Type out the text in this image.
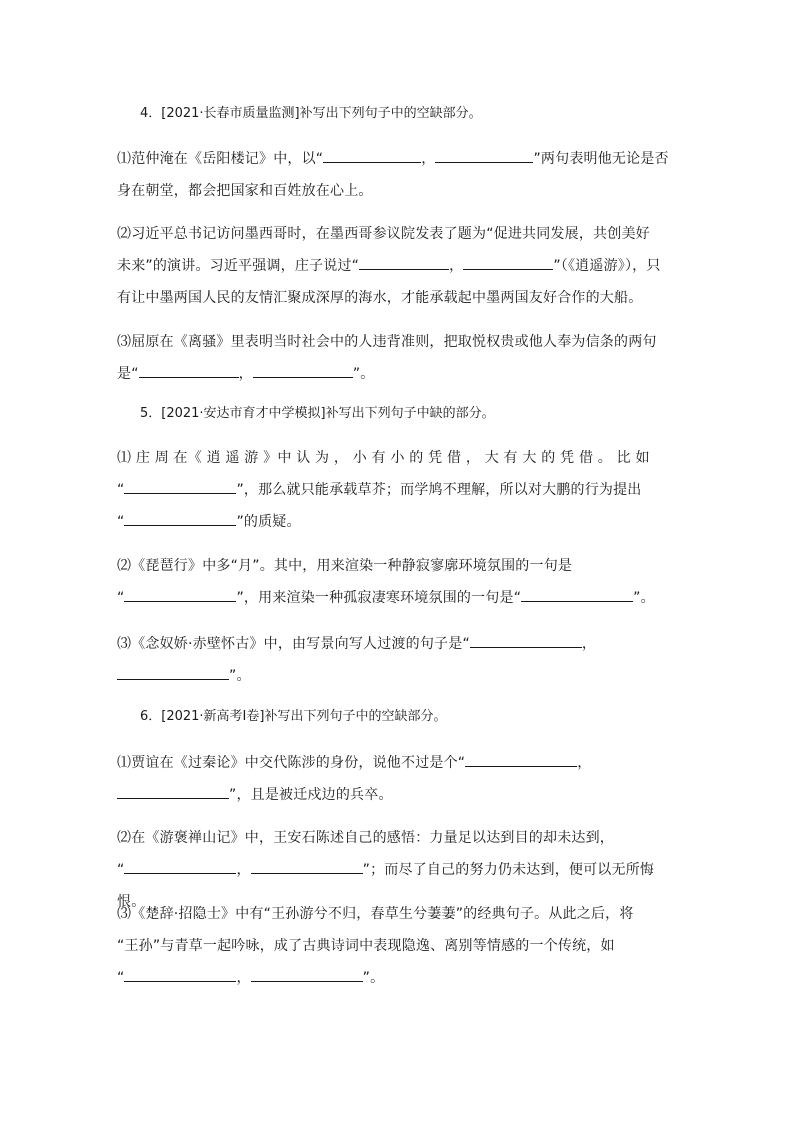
4．[2021·长春市质量监测]补写出下列句子中的空缺部分。
⑴范仲淹在《岳阳楼记》中，以“	，	”两句表明他无论是否
身在朝堂，都会把国家和百姓放在心上。
⑵习近平总书记访问墨西哥时，在墨西哥参议院发表了题为“促进共同发展，共创美好
未来”的演讲。习近平强调，庄子说过“	，	”（《逍遥游》），只
有让中墨两国人民的友情汇聚成深厚的海水，才能承载起中墨两国友好合作的大船。
⑶屈原在《离骚》里表明当时社会中的人违背准则，把取悦权贵或他人奉为信条的两句
是“	，	”。
5．[2021·安达市育才中学模拟]补写出下列句子中缺的部分。
⑴ 庄 周 在《 逍 遥 游 》中 认 为 ， 小 有 小 的 凭 借 ， 大 有 大 的 凭 借 。 比 如
“	”，那么就只能承载草芥；而学鸠不理解，所以对大鹏的行为提出
“	”的质疑。
⑵《琵琶行》中多“月”。其中，用来渲染一种静寂寥廓环境氛围的一句是
“	”，用来渲染一种孤寂凄寒环境氛围的一句是“	”。
⑶《念奴娇·赤壁怀古》中，由写景向写人过渡的句子是“	，
”。
6．[2021·新高考Ⅰ卷]补写出下列句子中的空缺部分。
⑴贾谊在《过秦论》中交代陈涉的身份，说他不过是个“	，
”，且是被迁戍边的兵卒。
⑵在《游褒禅山记》中，王安石陈述自己的感悟：力量足以达到目的却未达到，
“	，	”；而尽了自己的努力仍未达到，便可以无所悔恨。
⑶《楚辞·招隐士》中有“王孙游兮不归，春草生兮萋萋”的经典句子。从此之后，将
“王孙”与青草一起吟咏，成了古典诗词中表现隐逸、离别等情感的一个传统，如
“	，	”。
